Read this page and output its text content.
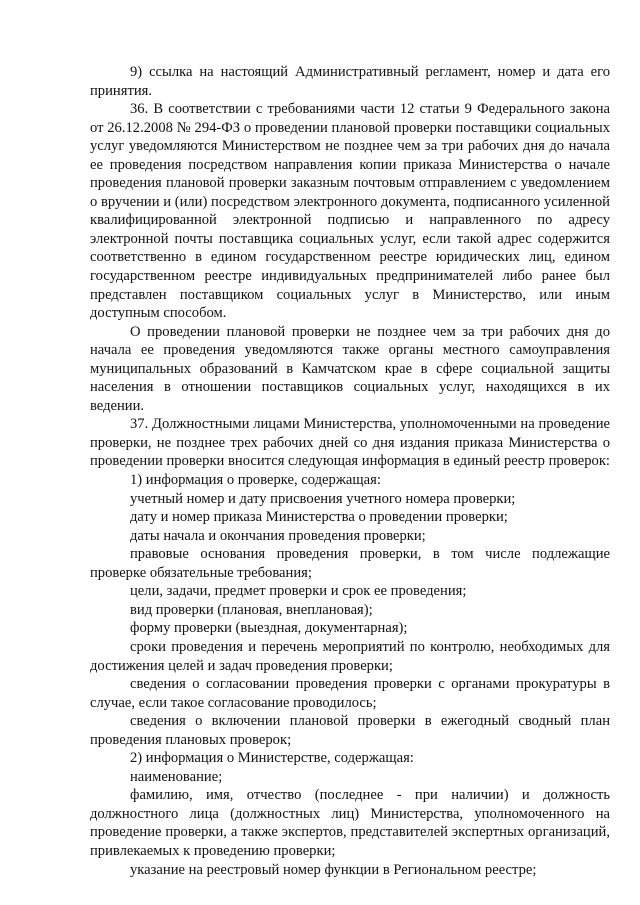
9) ссылка на настоящий Административный регламент, номер и дата его принятия.

36. В соответствии с требованиями части 12 статьи 9 Федерального закона от 26.12.2008 № 294-ФЗ о проведении плановой проверки поставщики социальных услуг уведомляются Министерством не позднее чем за три рабочих дня до начала ее проведения посредством направления копии приказа Министерства о начале проведения плановой проверки заказным почтовым отправлением с уведомлением о вручении и (или) посредством электронного документа, подписанного усиленной квалифицированной электронной подписью и направленного по адресу электронной почты поставщика социальных услуг, если такой адрес содержится соответственно в едином государственном реестре юридических лиц, едином государственном реестре индивидуальных предпринимателей либо ранее был представлен поставщиком социальных услуг в Министерство, или иным доступным способом.

О проведении плановой проверки не позднее чем за три рабочих дня до начала ее проведения уведомляются также органы местного самоуправления муниципальных образований в Камчатском крае в сфере социальной защиты населения в отношении поставщиков социальных услуг, находящихся в их ведении.

37. Должностными лицами Министерства, уполномоченными на проведение проверки, не позднее трех рабочих дней со дня издания приказа Министерства о проведении проверки вносится следующая информация в единый реестр проверок:

1) информация о проверке, содержащая:

учетный номер и дату присвоения учетного номера проверки;

дату и номер приказа Министерства о проведении проверки;

даты начала и окончания проведения проверки;

правовые основания проведения проверки, в том числе подлежащие проверке обязательные требования;

цели, задачи, предмет проверки и срок ее проведения;

вид проверки (плановая, внеплановая);

форму проверки (выездная, документарная);

сроки проведения и перечень мероприятий по контролю, необходимых для достижения целей и задач проведения проверки;

сведения о согласовании проведения проверки с органами прокуратуры в случае, если такое согласование проводилось;

сведения о включении плановой проверки в ежегодный сводный план проведения плановых проверок;

2) информация о Министерстве, содержащая:

наименование;

фамилию, имя, отчество (последнее - при наличии) и должность должностного лица (должностных лиц) Министерства, уполномоченного на проведение проверки, а также экспертов, представителей экспертных организаций, привлекаемых к проведению проверки;

указание на реестровый номер функции в Региональном реестре;
